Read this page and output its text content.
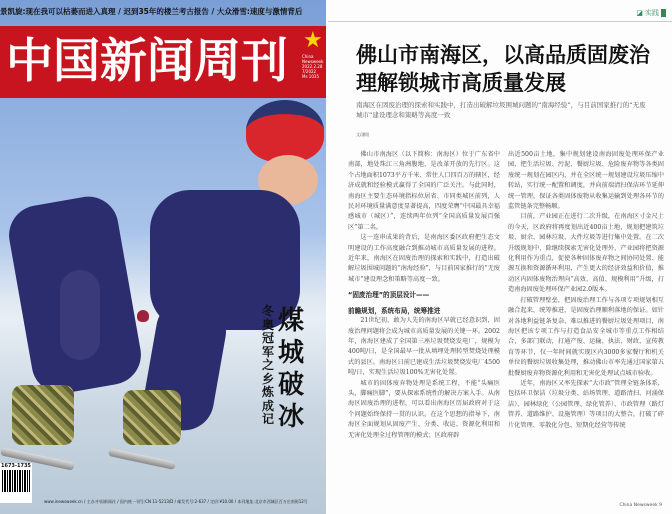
景凯旋:现在我可以枯萎而进入真理 / 迟到35年的楼兰考古报告 / 大众滑雪:速度与激情背后
中国新闻周刊 ★
China
Newsweek
2022.2.28
7/2022
Ms 1035
煤城破冰
冬奥冠军之乡炼成记
1673-1735
www.inewsweek.cn / 主办:中国新闻社 / 国内统一刊号:CN 11-5213/D / 邮发代号:2-637 / 定价:¥10.00 / 本刊地址:北京市西城区百万庄南街12号
◪ 实践
佛山市南海区，以高品质固废治理解锁城市高质量发展
南海区在固废治理的探索和实践中，打造出破解垃圾围城问题的“南海经验”，与目前国家推行的“无废城市”建设理念和策略等高度一致
文/潘阳

佛山市南海区（以下简称：南海区）位于广东省中南部，地处珠江三角洲腹地，是改革开放的先行区。这个占地面积1073平方千米、常住人口四百万的辖区，经济成就和经验模式赢得了全国的广泛关注。与此同时，南海区主要生态环境指标位居省、市同类城区前列，人民对环境质量满意度显著提高，四度荣膺“中国最具幸福感城市（城区）”，连续两年位列“全国高质量发展百强区”第二名。

这一连串成果的背后，是南海区委区政府把生态文明建设的工作高度融合到推动城市高质量发展的进程。近年来，南海区在固废治理的探索和实践中，打造出破解垃圾围城问题的“南海经验”，与目前国家推行的“无废城市”建设理念和策略等高度一致。

“固废治理”的顶层设计——
前瞻规划，系统布局，统筹推进

21世纪初，敢为人先的南海区早就已经意识到，固废治理问题将会成为城市高质量发展的关键一环。2002年，南海区建成了全国第三座垃圾焚烧发电厂，规模为400吨/日，是全国最早一批从填埋处理转型焚烧处理模式的县区。南海区日前已建成生活垃圾焚烧发电厂4500吨/日，实现生活垃圾100%无害化处置。

城市的固体废弃物处理是系统工程，不能“头痛医头，脚痛医脚”，要从探索系统性的解决方案入手。从南海区固废治理的进程，可以看出南海区历届政府对于这个问题始终保持一贯的认识。在这个思想的指导下，南海区全面规划从固废产生、分类、收运、资源化利用和无害化处理全过程管理的模式；区政府辟

出近500亩土地，集中规划建设南海固废处理环保产业园，把生活垃圾、污泥、餐厨垃圾、危险废弃物等各类固废统一规划在园区内，并在全区统一规划建设垃圾压缩中转站，实行统一配置和调度，并向前端清扫保洁环节延伸统一管理，保证各类固体废物从收集运输到处理各环节的监管链条完整畅顺。

目前，产业园正在进行二次升级，在南海区寸金尺土的今天，区政府将再度划出近400亩土地，规划把建筑垃圾、厨余、园林垃圾、大件垃圾等进行集中处置。在二次升级规划中，除继续探索无害化处理外，产业园将把资源化利用作为重点，促使各种固体废弃物之间协同处置、能源互换和资源循环利用，产生更大的经济效益和价值，推动区内固体废物治理向“高效、高值、规模利用”升级，打造南海固废处理环保产业园2.0版本。

打破管理壁垒，把固废治理工作与各项专项规划相互融合起来，统筹推进，是固废治理顺利落地的保证。如针对各地利益链条复杂、难以推进的餐厨垃圾处理项目，南海区把该专项工作与打造食品安全城市等重点工作相结合，多部门联动，打通产废、运输、执法、财政、宣传教育等环节，仅一年时间就实现区内3000多家餐厅和机关单位的餐厨垃圾收集处理，推动佛山市率先通过国家第五批餐厨废弃物资源化利用和无害化处理试点城市验收。

近年，南海区又率先探索“大市政”管理全链条体系，包括环卫保洁（垃圾分类、站场管理、道路清扫、河涌保洁）、园林绿化（公园管理、绿化管养）、市政管理（路灯管养、道路维护、设施管理）等项目的大整合，打破了碎片化管理、零散化分包、短期化经营等传统

China Newsweek 9
